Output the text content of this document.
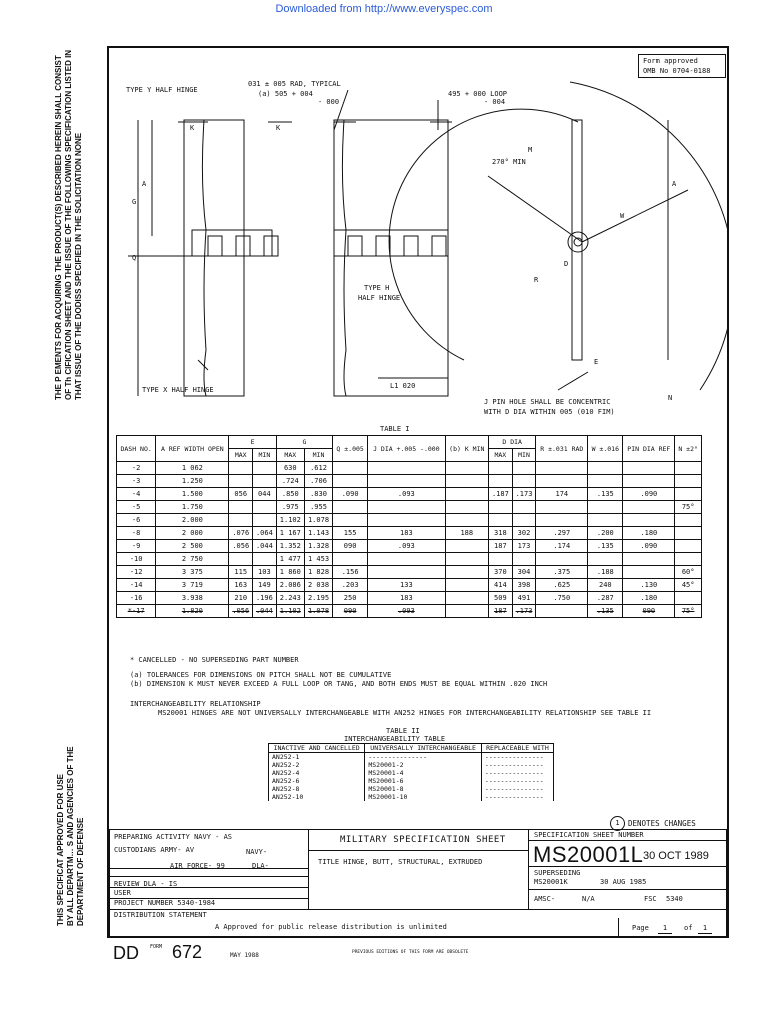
Downloaded from http://www.everyspec.com
THE P EMENTS FOR ACQUIRING THE PRODUCT(S) DESCRIBED HEREIN SHALL CONSIST OF Th CIFICATION SHEET AND THE ISSUE OF THE FOLLOWING SPECIFICATION LISTED IN THAT ISSUE OF THE DODISS SPECIFIED IN THE SOLICITATION NONE
THIS SPECIFICAT APPROVED FOR USE BY ALL DEPARTM… S AND AGENCIES OF THE DEPARTMENT OF DEFENSE
Form approved
OMB No 0704-0188
TYPE Y HALF HINGE
031 ± 005 RAD, TYPICAL
(a) 505 + 004
- 000
495 + 000 LOOP
- 004
270° MIN
TYPE H
HALF HINGE
TYPE X HALF HINGE	L1 020
J PIN HOLE SHALL BE CONCENTRIC
WITH D DIA WITHIN 005 (010 FIM)
K	K
A
G
Q
M
W
D
R
E
A
N
TABLE I
DASH NO.	A REF WIDTH OPEN	E		G		Q ±.005	J DIA +.005 -.000	(b) K MIN	D DIA		R ±.031 RAD	W ±.016	PIN DIA REF	N ±2°
		MAX	MIN	MAX	MIN				MAX	MIN				
-2	1 062			630	.612									
-3	1.250			.724	.706									
-4	1.500	056	044	.850	.830	.090	.093		.187	.173	174	.135	.090	
-5	1.750			.975	.955									75°
-6	2.000			1.102	1.078									
-8	2 000	.076	.064	1 167	1.143	155	183	188	318	302	.297	.200	.180	
-9	2 500	.056	.044	1.352	1.328	090	.093		187	173	.174	.135	.090	
-10	2 750			1 477	1 453									
-12	3 375	115	103	1 860	1 828	.156			370	304	.375	.188		60°
-14	3 719	163	149	2.086	2 038	.203	133		414	398	.625	240	.130	45°
-16	3.938	210	.196	2.243	2.195	250	183		509	491	.750	.287	.180	
*-17	1.820	.056	.044	1.102	1.078	090	.093		187	.173		.135	090	75°
* CANCELLED - NO SUPERSEDING PART NUMBER
(a) TOLERANCES FOR DIMENSIONS ON PITCH SHALL NOT BE CUMULATIVE
(b) DIMENSION K MUST NEVER EXCEED A FULL LOOP OR TANG, AND BOTH ENDS MUST BE EQUAL WITHIN .020 INCH
INTERCHANGEABILITY RELATIONSHIP
MS20001 HINGES ARE NOT UNIVERSALLY INTERCHANGEABLE WITH AN252 HINGES FOR INTERCHANGEABILITY RELATIONSHIP SEE TABLE II
TABLE II
INTERCHANGEABILITY TABLE
INACTIVE AND CANCELLED	UNIVERSALLY INTERCHANGEABLE	REPLACEABLE WITH
AN252-1	---------------	---------------
AN252-2	MS20001-2	---------------
AN252-4	MS20001-4	---------------
AN252-6	MS20001-6	---------------
AN252-8	MS20001-8	---------------
AN252-10	MS20001-10	---------------
1	DENOTES CHANGES
PREPARING ACTIVITY NAVY - AS
CUSTODIANS ARMY- AV	NAVY-
AIR FORCE- 99	DLA-
REVIEW DLA - IS
USER
PROJECT NUMBER 5340-1984
DISTRIBUTION STATEMENT
A Approved for public release distribution is unlimited
MILITARY SPECIFICATION SHEET
TITLE HINGE, BUTT, STRUCTURAL, EXTRUDED
SPECIFICATION SHEET NUMBER
MS20001L 30 OCT 1989
SUPERSEDING
MS20001K	30 AUG 1985
AMSC-	N/A	FSC 5340
Page	1	of	1
DD FORM 672	MAY 1988	PREVIOUS EDITIONS OF THIS FORM ARE OBSOLETE
